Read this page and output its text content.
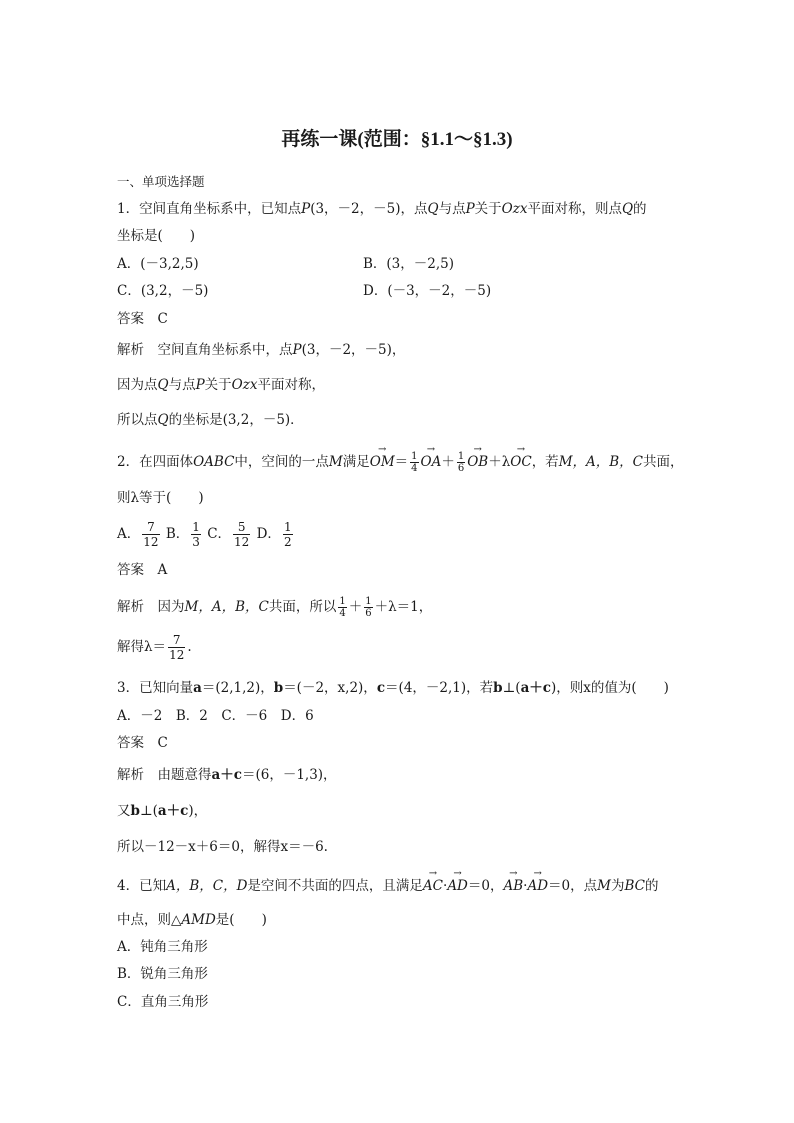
再练一课(范围：§1.1～§1.3)
一、单项选择题
1．空间直角坐标系中，已知点P(3，－2，－5)，点Q与点P关于Ozx平面对称，则点Q的
坐标是(　　)
A．(－3,2,5)	B．(3，－2,5)
C．(3,2，－5)	D．(－3，－2，－5)
答案　C
解析　空间直角坐标系中，点P(3，－2，－5)，
因为点Q与点P关于Ozx平面对称，
所以点Q的坐标是(3,2，－5)．
2．在四面体OABC中，空间的一点M满足→ $OM= \frac{1}{4}$
→ $OA+ \frac{1}{6}$
→ OB＋λ→ OC，若M，A，B，C共面，
则λ等于(　　)
A． $\frac{7}{12}$ B． $\frac{1}{3}$ C． $\frac{5}{12}$ D． $\frac{1}{2}$
答案　A
解析　因为M，A，B，C共面，所以 $\frac{1}{4} + \frac{1}{6} +\lambda=1$，
解得$\lambda= \frac{7}{12}$ .
3．已知向量a＝(2,1,2)，b＝(－2，x,2)，c＝(4，－2,1)，若b⊥(a＋c)，则x的值为(　　)
A．－2　B．2　C．－6　D．6
答案　C
解析　由题意得a＋c＝(6，－1,3)，
又b⊥(a＋c)，
所以－12－x＋6＝0，解得x＝－6.
4．已知A，B，C，D是空间不共面的四点，且满足→ AC·→ AD＝0，→ AB·→ AD＝0，点M为BC的
中点，则△AMD是(　　)
A．钝角三角形
B．锐角三角形
C．直角三角形
